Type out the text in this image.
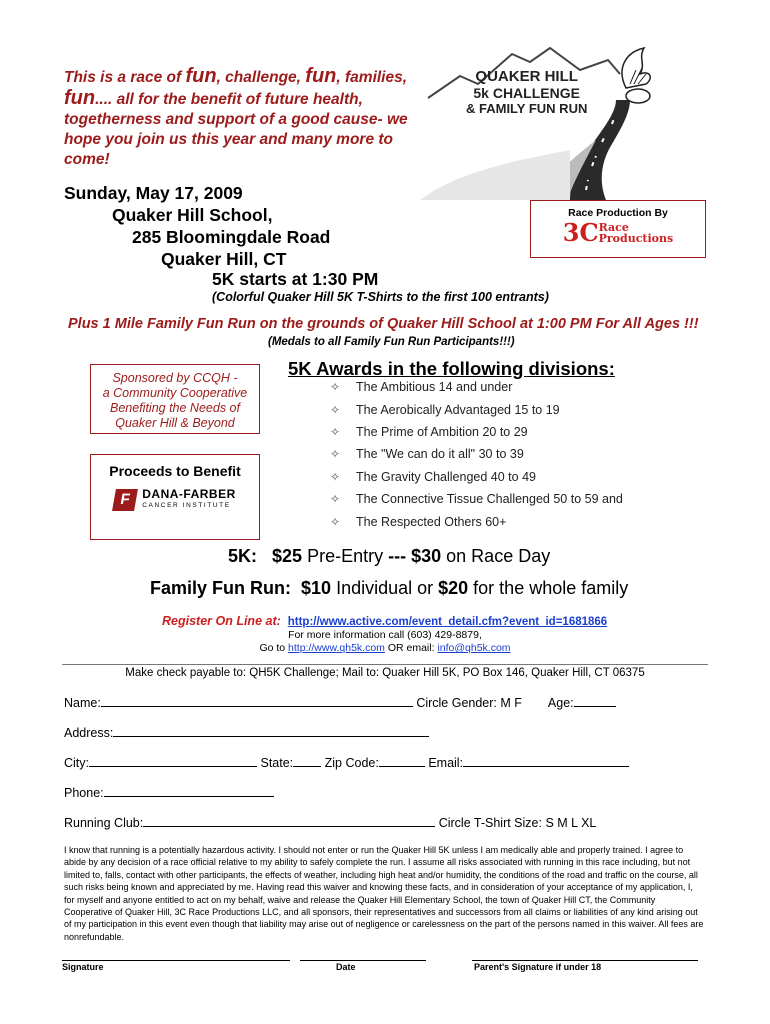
This is a race of fun, challenge, fun, families,
fun.... all for the benefit of future health,
togetherness and support of a good cause- we
hope you join us this year and many more to
come!
QUAKER HILL
5k CHALLENGE
& FAMILY FUN RUN
Sunday, May 17, 2009
Quaker Hill School,
285 Bloomingdale Road
Quaker Hill, CT
5K starts at 1:30 PM
(Colorful Quaker Hill 5K T-Shirts to the first 100 entrants)
Race Production By
3C Race
Productions
Plus 1 Mile Family Fun Run on the grounds of Quaker Hill School at 1:00 PM For All Ages !!!
(Medals to all Family Fun Run Participants!!!)
Sponsored by CCQH -
a Community Cooperative
Benefiting the Needs of
Quaker Hill & Beyond
Proceeds to Benefit
F DANA-FARBER
CANCER INSTITUTE
5K Awards in the following divisions:
✧ The Ambitious 14 and under
✧ The Aerobically Advantaged 15 to 19
✧ The Prime of Ambition 20 to 29
✧ The "We can do it all" 30 to 39
✧ The Gravity Challenged 40 to 49
✧ The Connective Tissue Challenged 50 to 59 and
✧ The Respected Others 60+
5K: $25 Pre-Entry --- $30 on Race Day
Family Fun Run: $10 Individual or $20 for the whole family
Register On Line at: http://www.active.com/event_detail.cfm?event_id=1681866
For more information call (603) 429-8879,
Go to http://www.qh5k.com OR email: info@qh5k.com
Make check payable to: QH5K Challenge; Mail to: Quaker Hill 5K, PO Box 146, Quaker Hill, CT 06375
Name:	Circle Gender: M F Age:
Address:
City:	State:	Zip Code:	Email:
Phone:
Running Club:	Circle T-Shirt Size: S M L XL
I know that running is a potentially hazardous activity. I should not enter or run the Quaker Hill 5K unless I am medically able and properly trained. I agree to abide by any decision of a race official relative to my ability to safely complete the run. I assume all risks associated with running in this race including, but not limited to, falls, contact with other participants, the effects of weather, including high heat and/or humidity, the conditions of the road and traffic on the course, all such risks being known and appreciated by me. Having read this waiver and knowing these facts, and in consideration of your acceptance of my application, I, for myself and anyone entitled to act on my behalf, waive and release the Quaker Hill Elementary School, the town of Quaker Hill CT, the Community Cooperative of Quaker Hill, 3C Race Productions LLC, and all sponsors, their representatives and successors from all claims or liabilities of any kind arising out of my participation in this event even though that liability may arise out of negligence or carelessness on the part of the persons named in this waiver. All fees are nonrefundable.
Signature	Date	Parent's Signature if under 18
